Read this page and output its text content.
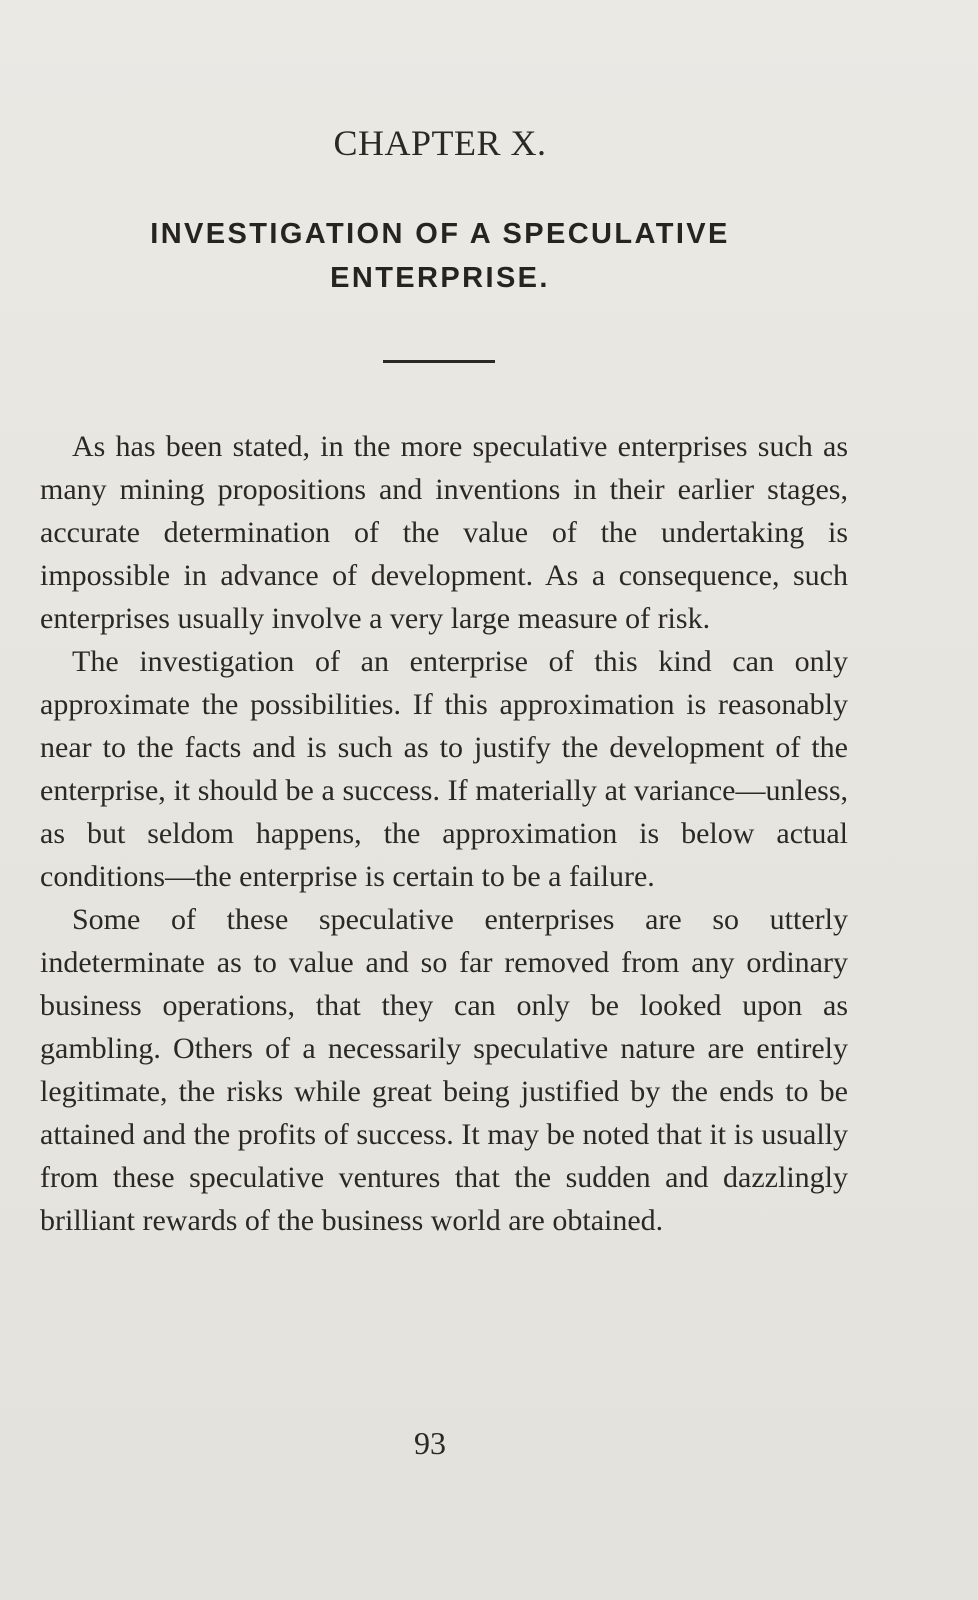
CHAPTER X.
INVESTIGATION OF A SPECULATIVE ENTERPRISE.

As has been stated, in the more speculative enterprises such as many mining propositions and inventions in their earlier stages, accurate determination of the value of the undertaking is impossible in advance of development. As a consequence, such enterprises usually involve a very large measure of risk.

The investigation of an enterprise of this kind can only approximate the possibilities. If this approximation is reasonably near to the facts and is such as to justify the development of the enterprise, it should be a success. If materially at variance—unless, as but seldom happens, the approximation is below actual conditions—the enterprise is certain to be a failure.

Some of these speculative enterprises are so utterly indeterminate as to value and so far removed from any ordinary business operations, that they can only be looked upon as gambling. Others of a necessarily speculative nature are entirely legitimate, the risks while great being justified by the ends to be attained and the profits of success. It may be noted that it is usually from these speculative ventures that the sudden and dazzlingly brilliant rewards of the business world are obtained.

93
